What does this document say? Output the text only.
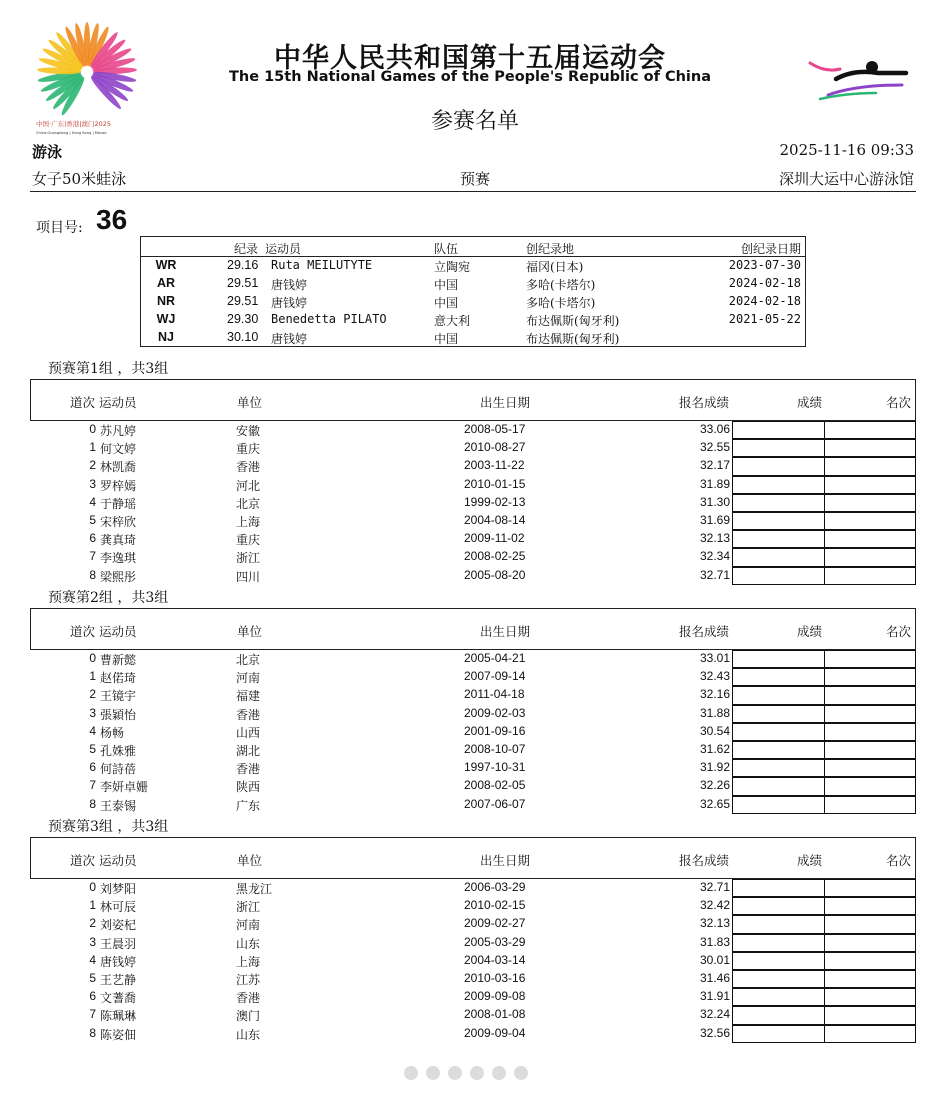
中国·广东|香港|澳门2025
China·Guangdong | Hong Kong | Macao
中华人民共和国第十五届运动会
The 15th National Games of the People's Republic of China
参赛名单
游泳	2025-11-16 09:33
女子50米蛙泳	预赛	深圳大运中心游泳馆
项目号: 36
纪录 运动员	队伍	创纪录地	创纪录日期
WR	29.16 Ruta MEILUTYTE	立陶宛	福冈(日本)	2023-07-30
AR	29.51 唐钱婷	中国	多哈(卡塔尔)	2024-02-18
NR	29.51 唐钱婷	中国	多哈(卡塔尔)	2024-02-18
WJ	29.30 Benedetta PILATO	意大利	布达佩斯(匈牙利)	2021-05-22
NJ	30.10 唐钱婷	中国	布达佩斯(匈牙利)
预赛第1组 ，共3组
道次 运动员	单位	出生日期	报名成绩	成绩	名次
0 苏凡婷	安徽	2008-05-17	33.06
1 何文婷	重庆	2010-08-27	32.55
2 林凯喬	香港	2003-11-22	32.17
3 罗梓嫣	河北	2010-01-15	31.89
4 于静瑶	北京	1999-02-13	31.30
5 宋梓欣	上海	2004-08-14	31.69
6 龚真琦	重庆	2009-11-02	32.13
7 李逸琪	浙江	2008-02-25	32.34
8 梁熙彤	四川	2005-08-20	32.71
预赛第2组 ，共3组
道次 运动员	单位	出生日期	报名成绩	成绩	名次
0 曹新懿	北京	2005-04-21	33.01
1 赵偌琦	河南	2007-09-14	32.43
2 王镜宇	福建	2011-04-18	32.16
3 張穎怡	香港	2009-02-03	31.88
4 杨畅	山西	2001-09-16	30.54
5 孔姝雅	湖北	2008-10-07	31.62
6 何詩蓓	香港	1997-10-31	31.92
7 李妍卓姗	陕西	2008-02-05	32.26
8 王泰锡	广东	2007-06-07	32.65
预赛第3组 ，共3组
道次 运动员	单位	出生日期	报名成绩	成绩	名次
0 刘梦阳	黑龙江	2006-03-29	32.71
1 林可辰	浙江	2010-02-15	32.42
2 刘姿杞	河南	2009-02-27	32.13
3 王晨羽	山东	2005-03-29	31.83
4 唐钱婷	上海	2004-03-14	30.01
5 王艺静	江苏	2010-03-16	31.46
6 文蓍喬	香港	2009-09-08	31.91
7 陈珮琳	澳门	2008-01-08	32.24
8 陈姿佃	山东	2009-09-04	32.56
